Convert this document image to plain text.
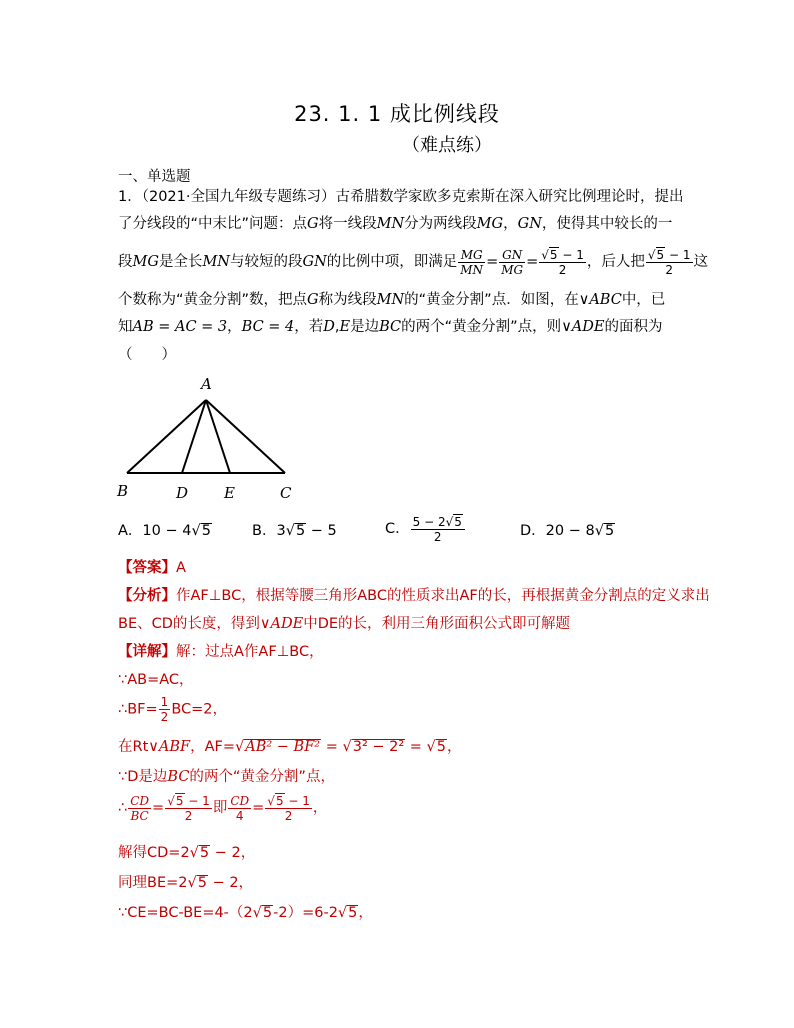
23. 1. 1 成比例线段
（难点练）
一、单选题
1．（2021·全国九年级专题练习）古希腊数学家欧多克索斯在深入研究比例理论时，提出
了分线段的“中末比”问题：点G将一线段MN分为两线段MG，GN，使得其中较长的一
段MG是全长MN与较短的段GN的比例中项，即满足 $\frac{MG}{MN} = \frac{GN}{MG} = \frac{√5 - 1}{2}$ ，后人把 $\frac{√5 - 1}{2}$ 这
个数称为“黄金分割”数，把点G称为线段MN的“黄金分割”点．如图，在∨ABC中，已
知AB = AC = 3，BC = 4，若D,E是边BC的两个“黄金分割”点，则∨ADE的面积为
（　　）
A
B	D E	C
A．10 − 4√5	B．3√5 − 5	C． $\frac{5 - 2√5}{2}$	D．20 − 8√5
【答案】A
【分析】作AF⊥BC，根据等腰三角形ABC的性质求出AF的长，再根据黄金分割点的定义求出
BE、CD的长度，得到∨ADE中DE的长，利用三角形面积公式即可解题
【详解】解：过点A作AF⊥BC，
∵AB=AC，
∴BF= $\frac{1}{2} BC=2$，
在Rt∨ABF，AF=√AB² − BF² = √3² − 2² = √5，
∵D是边BC的两个“黄金分割”点，
∴ $\frac{CD}{BC} = \frac{√5 - 1}{2}$ 即 $\frac{CD}{4} = \frac{√5 - 1}{2}$ ，
解得CD=2√5 − 2，
同理BE=2√5 − 2，
∵CE=BC-BE=4-（2√5-2）=6-2√5，
